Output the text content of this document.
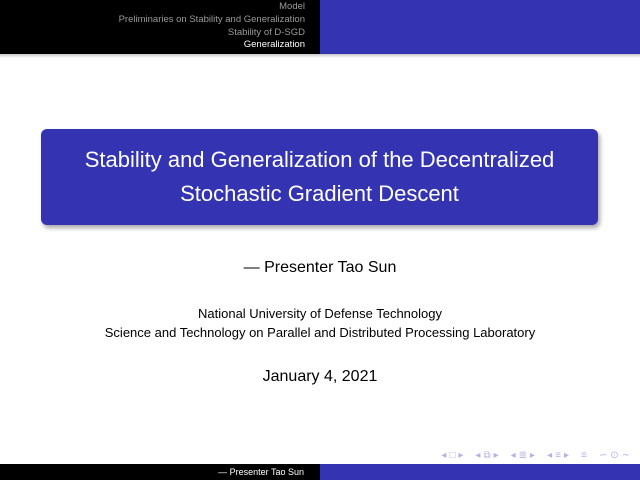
Model
Preliminaries on Stability and Generalization
Stability of D-SGD
Generalization
Stability and Generalization of the Decentralized
Stochastic Gradient Descent
— Presenter Tao Sun
National University of Defense Technology
Science and Technology on Parallel and Distributed Processing Laboratory
January 4, 2021
◂ □ ▸ ◂ ⧉ ▸ ◂ ≣ ▸ ◂ ≡ ▸ ≡ ∽ ⊙ ∼
— Presenter Tao Sun
